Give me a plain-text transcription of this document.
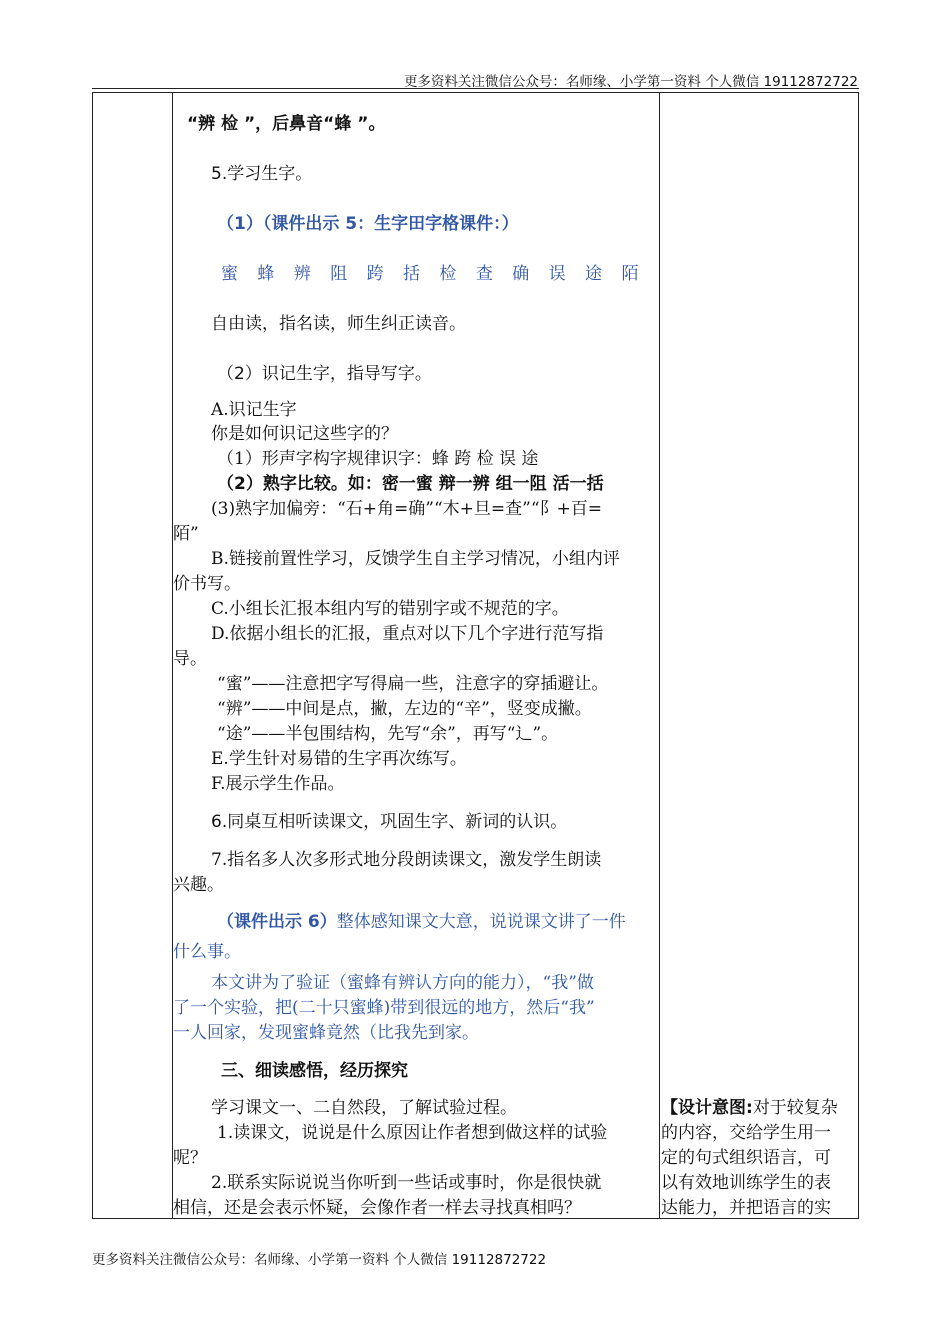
更多资料关注微信公众号：名师缘、小学第一资料 个人微信 19112872722
“辨 检 ”，后鼻音“蜂 ”。
5.学习生字。
（1）（课件出示 5：生字田字格课件：）
蜜 蜂 辨 阻 跨 括 检 查 确 误 途 陌
自由读，指名读，师生纠正读音。
（2）识记生字，指导写字。
A.识记生字
你是如何识记这些字的？
（1）形声字构字规律识字：蜂 跨 检 误 途
（2）熟字比较。如：密一蜜 辩一辨 组一阻 活一括
(3)熟字加偏旁：“石+角=确”“木+旦=查”“阝+百=
陌”
B.链接前置性学习，反馈学生自主学习情况，小组内评
价书写。
C.小组长汇报本组内写的错别字或不规范的字。
D.依据小组长的汇报，重点对以下几个字进行范写指
导。
“蜜”——注意把字写得扁一些，注意字的穿插避让。
“辨”——中间是点，撇，左边的“辛”，竖变成撇。
“途”——半包围结构，先写“余”，再写“辶”。
E.学生针对易错的生字再次练写。
F.展示学生作品。
6.同桌互相听读课文，巩固生字、新词的认识。
7.指名多人次多形式地分段朗读课文，激发学生朗读
兴趣。
（课件出示 6）整体感知课文大意，说说课文讲了一件
什么事。
本文讲为了验证（蜜蜂有辨认方向的能力），“我”做
了一个实验，把(二十只蜜蜂)带到很远的地方，然后“我”
一人回家，发现蜜蜂竟然（比我先到家。
三、细读感悟，经历探究
学习课文一、二自然段，了解试验过程。
1.读课文，说说是什么原因让作者想到做这样的试验
呢？
2.联系实际说说当你听到一些话或事时，你是很快就
相信，还是会表示怀疑，会像作者一样去寻找真相吗？
【设计意图:对于较复杂
的内容，交给学生用一
定的句式组织语言，可
以有效地训练学生的表
达能力，并把语言的实
更多资料关注微信公众号：名师缘、小学第一资料 个人微信 19112872722
